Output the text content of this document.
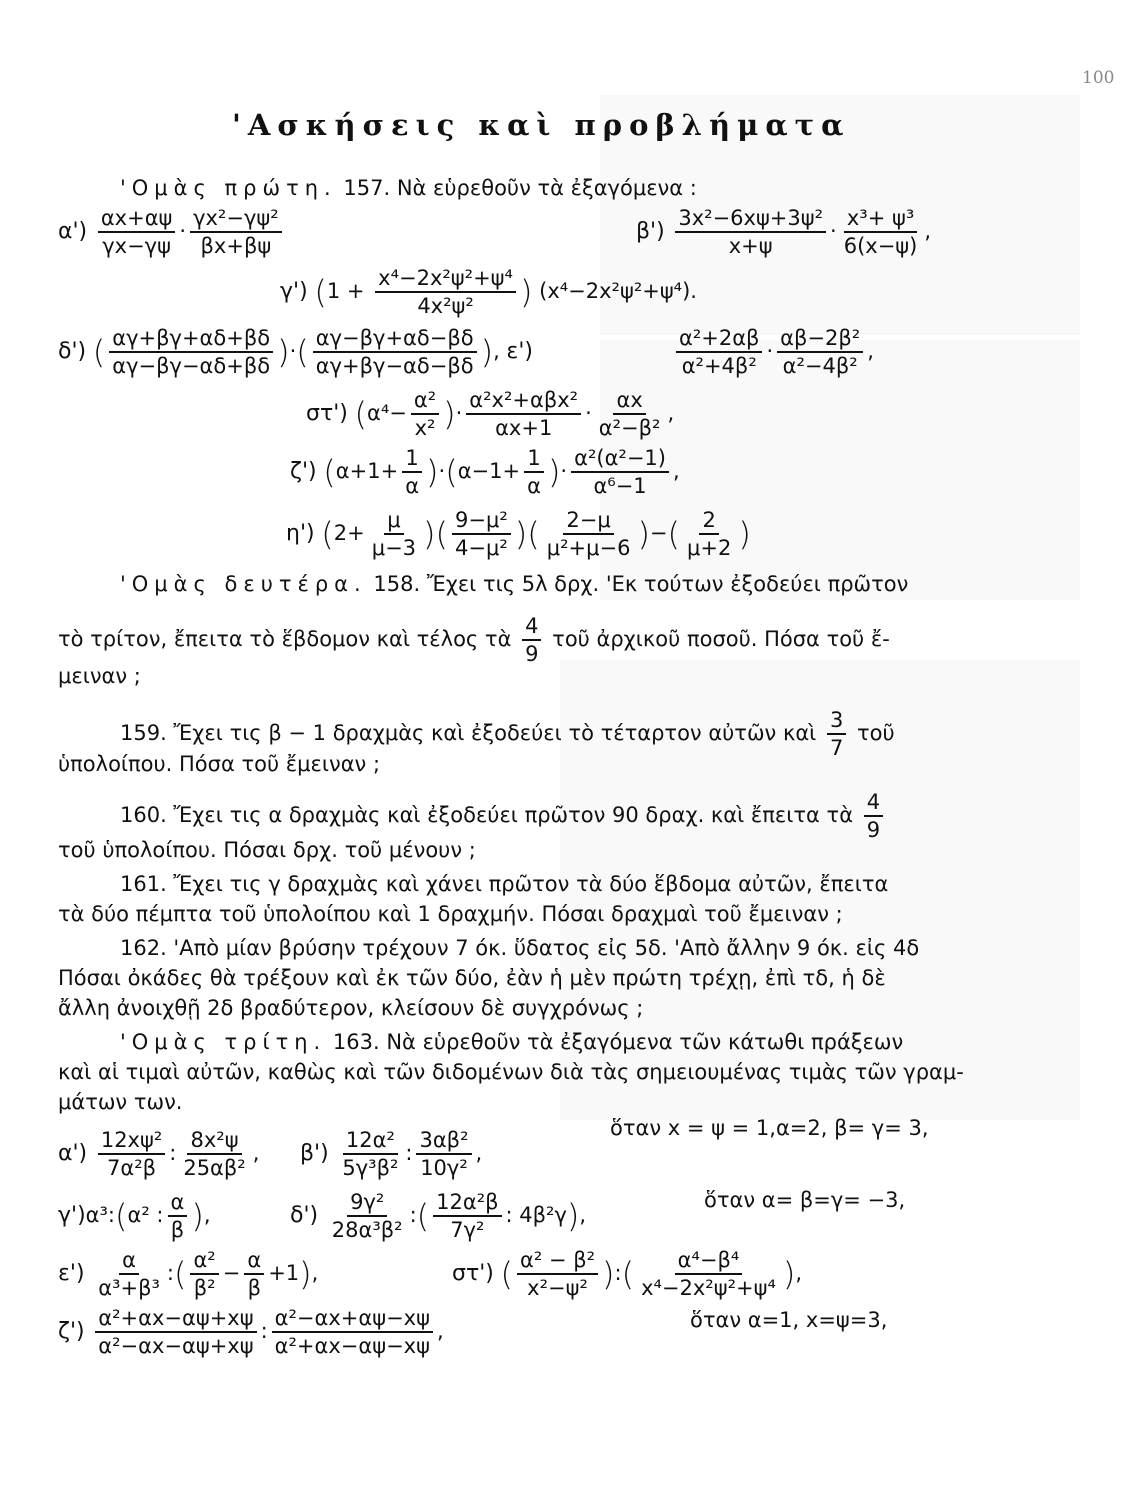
100
'Ασκήσεις καὶ προβλήματα
'Ομὰς πρώτη. 157. Νὰ εὑρεθοῦν τὰ ἐξαγόμενα :
$\alpha') \frac{\alpha x+\alpha\psi}{\gamma x-\gamma\psi} \cdot \frac{\text{γx²−γψ²}}{\beta x+\beta\psi}$	$\beta') \frac{\text{3x²−6xψ+3ψ²}}{x+\psi} \cdot \frac{\text{x³+ ψ³}}{6(x-\psi)}$ ,
γ') ($1 + \frac{\text{x⁴−2x²ψ²+ψ⁴}}{\text{4x²ψ²}}$ ) (x⁴−2x²ψ²+ψ⁴).
δ') ( $\frac{\alpha\gamma+\beta\gamma+\alpha\delta+\beta\delta}{\alpha\gamma-\beta\gamma-\alpha\delta+\beta\delta}$ )·( $\frac{\alpha\gamma-\beta\gamma+\alpha\delta-\beta\delta}{\alpha\gamma+\beta\gamma-\alpha\delta-\beta\delta}$ ), ε')	$\frac{\text{α²+2αβ}}{\text{α²+4β²}} \cdot \frac{\text{αβ−2β²}}{\text{α²−4β²}}$ ,
στ') ($\alpha^4- \frac{\text{α²}}{\text{x²}}$ )· $\frac{\text{α²x²+αβx²}}{\alpha x+1} \cdot \frac{\alpha x}{\text{α²−β²}}$ ,
ζ') $(\alpha+1+ \frac{1}{\alpha} )\cdot(\alpha-1+ \frac{1}{\alpha}$ )· $\frac{\text{α²(α²−1)}}{\text{α⁶−1}}$ ,
η') ($2+ \frac{\mu}{\mu-3}$ )( $\frac{\text{9−μ²}}{\text{4−μ²}}$ )( $\frac{2-\mu}{\text{μ²+μ−6}}$ )−( $\frac{2}{\mu+2}$ )
'Ομὰς δευτέρα. 158. Ἔχει τις 5λ δρχ. 'Εκ τούτων ἐξοδεύει πρῶτον
τὸ τρίτον, ἔπειτα τὸ ἕβδομον καὶ τέλος τὰ $\frac{4}{9}$ τοῦ ἀρχικοῦ ποσοῦ. Πόσα τοῦ ἔ-
μειναν ;
159. Ἔχει τις β − 1 δραχμὰς καὶ ἐξοδεύει τὸ τέταρτον αὐτῶν καὶ $\frac{3}{7}$ τοῦ
ὑπολοίπου. Πόσα τοῦ ἔμειναν ;
160. Ἔχει τις α δραχμὰς καὶ ἐξοδεύει πρῶτον 90 δραχ. καὶ ἔπειτα τὰ $\frac{4}{9}$
τοῦ ὑπολοίπου. Πόσαι δρχ. τοῦ μένουν ;
161. Ἔχει τις γ δραχμὰς καὶ χάνει πρῶτον τὰ δύο ἕβδομα αὐτῶν, ἔπειτα
τὰ δύο πέμπτα τοῦ ὑπολοίπου καὶ 1 δραχμήν. Πόσαι δραχμαὶ τοῦ ἔμειναν ;
162. 'Απὸ μίαν βρύσην τρέχουν 7 όκ. ὕδατος εἰς 5δ. 'Απὸ ἄλλην 9 όκ. εἰς 4δ
Πόσαι ὀκάδες θὰ τρέξουν καὶ ἐκ τῶν δύο, ἐὰν ἡ μὲν πρώτη τρέχῃ, ἐπὶ τδ, ἡ δὲ
ἄλλη ἀνοιχθῇ 2δ βραδύτερον, κλείσουν δὲ συγχρόνως ;
'Ομὰς τρίτη. 163. Νὰ εὑρεθοῦν τὰ ἐξαγόμενα τῶν κάτωθι πράξεων
καὶ αἱ τιμαὶ αὐτῶν, καθὼς καὶ τῶν διδομένων διὰ τὰς σημειουμένας τιμὰς τῶν γραμ-
μάτων των.
$\alpha') \frac{\text{12xψ²}}{\text{7α²β}}$ : $\frac{\text{8x²ψ}}{\text{25αβ²}}$ , $\beta') \frac{\text{12α²}}{\text{5γ³β²}}$ : $\frac{\text{3αβ²}}{\text{10γ²}}$ ,
ὅταν x = ψ = 1,α=2, β= γ= 3,
γ')α³:(α² : $\frac{\alpha}{\beta}$ ),	$\delta') \frac{\text{9γ²}}{\text{28α³β²}}$ :( $\frac{\text{12α²β}}{\text{7γ²}}$ : 4β²γ),
ὅταν α= β=γ= −3,
$\varepsilon') \frac{\alpha}{\text{α³+β³}}$ :( $\frac{\text{α²}}{\text{β²}} - \frac{\alpha}{\beta} +1$),	στ') ( $\frac{\text{α² − β²}}{\text{x²−ψ²}}$ ):( $\frac{\text{α⁴−β⁴}}{\text{x⁴−2x²ψ²+ψ⁴}}$ ),
$\zeta') \frac{\text{α²+αx−αψ+xψ}}{\text{α²−αx−αψ+xψ}}$ : $\frac{\text{α²−αx+αψ−xψ}}{\text{α²+αx−αψ−xψ}}$ ,	ὅταν α=1, x=ψ=3,
